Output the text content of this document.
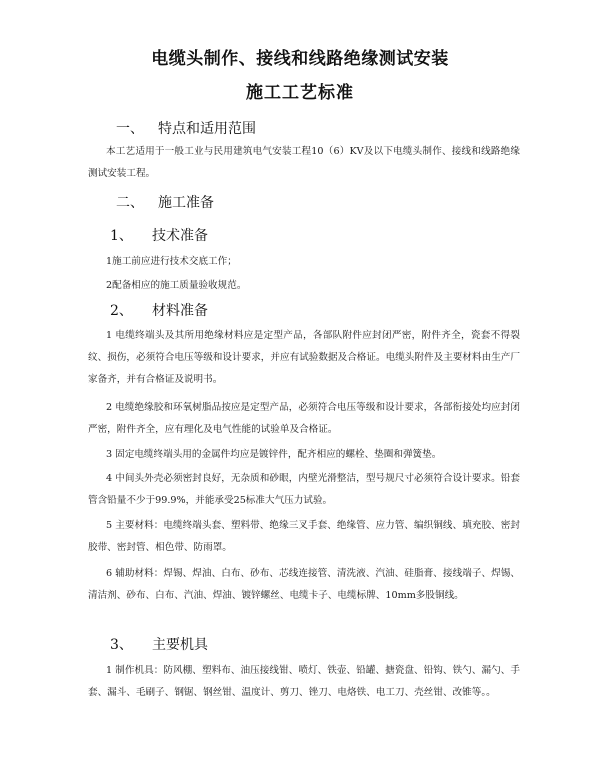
电缆头制作、接线和线路绝缘测试安装
施工工艺标准
一、 特点和适用范围
本工艺适用于一般工业与民用建筑电气安装工程10（6）KV及以下电缆头制作、接线和线路绝缘测试安装工程。
二、 施工准备
1、 技术准备
1施工前应进行技术交底工作；
2配备相应的施工质量验收规范。
2、 材料准备
1 电缆终端头及其所用绝缘材料应是定型产品，各部队附件应封闭严密，附件齐全，瓷套不得裂纹、损伤，必须符合电压等级和设计要求，并应有试验数据及合格证。电缆头附件及主要材料由生产厂家备齐，并有合格证及说明书。
2 电缆绝缘胶和环氧树脂品按应是定型产品，必须符合电压等级和设计要求，各部衔接处均应封闭严密，附件齐全，应有理化及电气性能的试验单及合格证。
3 固定电缆终端头用的金属件均应是镀锌件，配齐相应的螺栓、垫圈和弹簧垫。
4 中间头外壳必须密封良好，无杂质和砂眼，内壁光滑整洁，型号规尺寸必须符合设计要求。铅套管含铅量不少于99.9%，并能承受25标准大气压力试验。
5 主要材料：电缆终端头套、塑料带、绝缘三叉手套、绝缘管、应力管、编织铜线、填充胶、密封胶带、密封管、相色带、防雨罩。
6 辅助材料：焊锡、焊油、白布、砂布、芯线连接管、清洗液、汽油、硅脂膏、接线端子、焊锡、清洁剂、砂布、白布、汽油、焊油、镀锌螺丝、电缆卡子、电缆标牌、10mm多股铜线。
3、 主要机具
1 制作机具：防风棚、塑料布、油压接线钳、喷灯、铁壶、铅罐、搪瓷盘、铅钩、铁勺、漏勺、手套、漏斗、毛刷子、钢锯、钢丝钳、温度计、剪刀、锉刀、电烙铁、电工刀、壳丝钳、改锥等。。
